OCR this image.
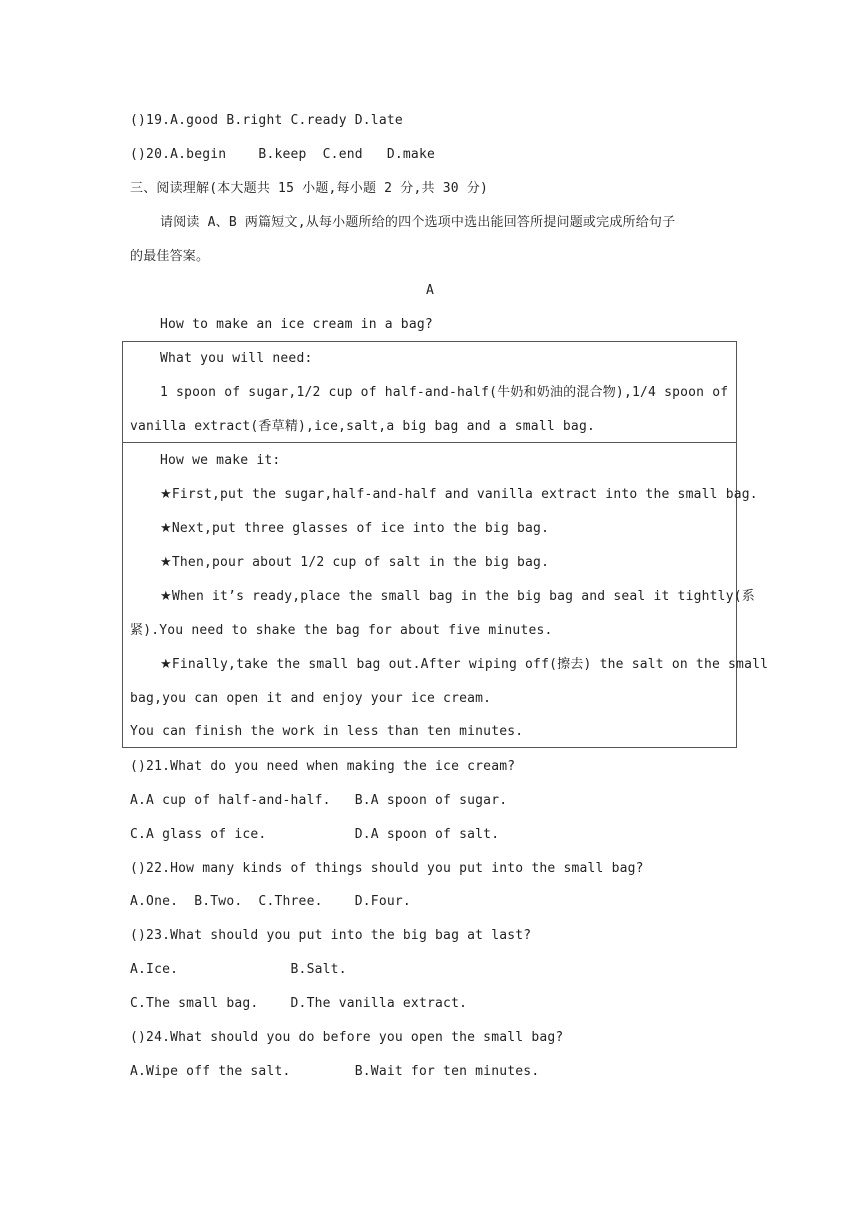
()19.A.good B.right C.ready D.late
()20.A.begin    B.keep  C.end   D.make
三、阅读理解(本大题共 15 小题,每小题 2 分,共 30 分)
请阅读 A、B 两篇短文,从每小题所给的四个选项中选出能回答所提问题或完成所给句子
的最佳答案。
A
How to make an ice cream in a bag?
What you will need:
1 spoon of sugar,1/2 cup of half-and-half(牛奶和奶油的混合物),1/4 spoon of
vanilla extract(香草精),ice,salt,a big bag and a small bag.
How we make it:
★First,put the sugar,half-and-half and vanilla extract into the small bag.
★Next,put three glasses of ice into the big bag.
★Then,pour about 1/2 cup of salt in the big bag.
★When it’s ready,place the small bag in the big bag and seal it tightly(系
紧).You need to shake the bag for about five minutes.
★Finally,take the small bag out.After wiping off(擦去) the salt on the small
bag,you can open it and enjoy your ice cream.
You can finish the work in less than ten minutes.
()21.What do you need when making the ice cream?
A.A cup of half-and-half.   B.A spoon of sugar.
C.A glass of ice.           D.A spoon of salt.
()22.How many kinds of things should you put into the small bag?
A.One.  B.Two.  C.Three.    D.Four.
()23.What should you put into the big bag at last?
A.Ice.              B.Salt.
C.The small bag.    D.The vanilla extract.
()24.What should you do before you open the small bag?
A.Wipe off the salt.        B.Wait for ten minutes.
